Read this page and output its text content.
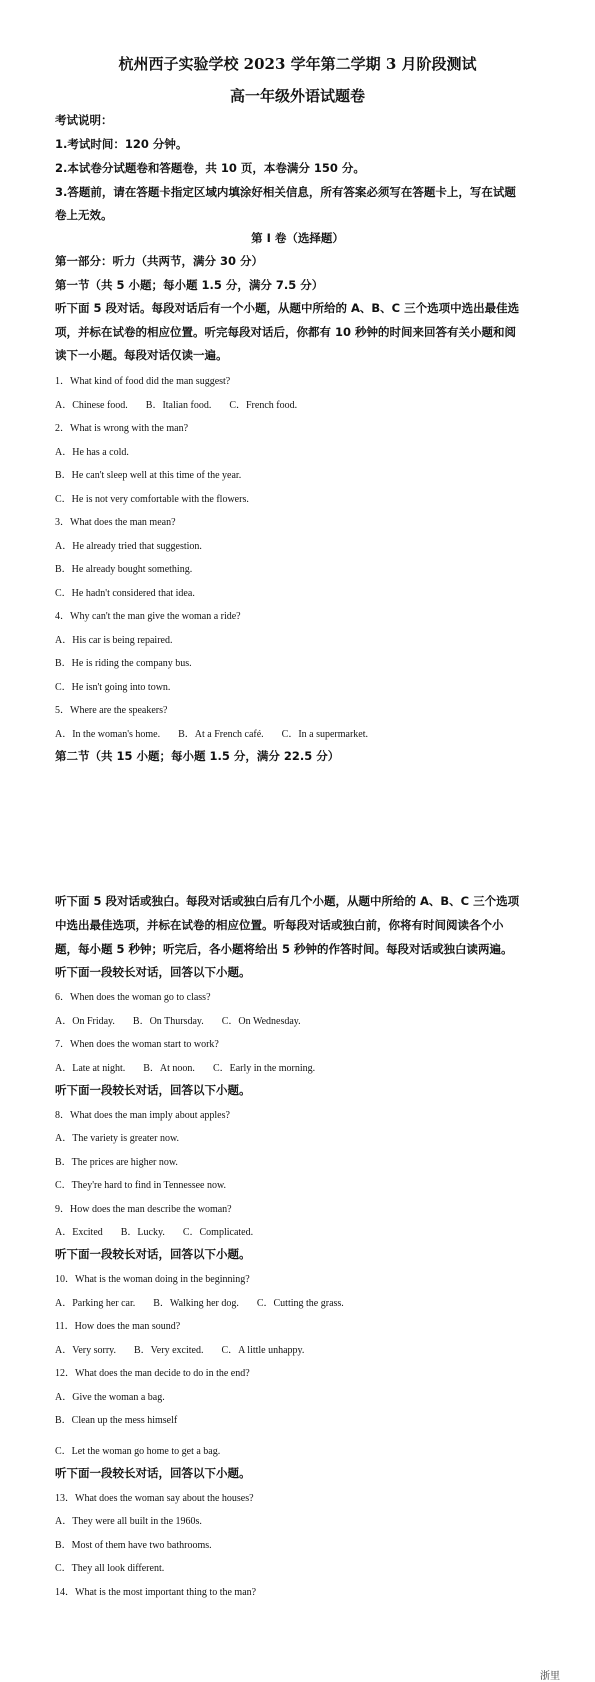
杭州西子实验学校 2023 学年第二学期 3 月阶段测试
高一年级外语试题卷
考试说明：
1.考试时间：120 分钟。
2.本试卷分试题卷和答题卷，共 10 页，本卷满分 150 分。
3.答题前，请在答题卡指定区域内填涂好相关信息，所有答案必须写在答题卡上，写在试题
卷上无效。
第 I 卷（选择题）
第一部分：听力（共两节，满分 30 分）
第一节（共 5 小题；每小题 1.5 分，满分 7.5 分）
听下面 5 段对话。每段对话后有一个小题，从题中所给的 A、B、C 三个选项中选出最佳选
项，并标在试卷的相应位置。听完每段对话后，你都有 10 秒钟的时间来回答有关小题和阅
读下一小题。每段对话仅读一遍。
1．What kind of food did the man suggest?
A．Chinese food. B．Italian food. C．French food.
2．What is wrong with the man?
A．He has a cold.
B．He can't sleep well at this time of the year.
C．He is not very comfortable with the flowers.
3．What does the man mean?
A．He already tried that suggestion.
B．He already bought something.
C．He hadn't considered that idea.
4．Why can't the man give the woman a ride?
A．His car is being repaired.
B．He is riding the company bus.
C．He isn't going into town.
5．Where are the speakers?
A．In the woman's home. B．At a French café. C．In a supermarket.
第二节（共 15 小题；每小题 1.5 分，满分 22.5 分）
听下面 5 段对话或独白。每段对话或独白后有几个小题，从题中所给的 A、B、C 三个选项
中选出最佳选项，并标在试卷的相应位置。听每段对话或独白前，你将有时间阅读各个小
题，每小题 5 秒钟；听完后，各小题将给出 5 秒钟的作答时间。每段对话或独白读两遍。
听下面一段较长对话，回答以下小题。
6．When does the woman go to class?
A．On Friday. B．On Thursday. C．On Wednesday.
7．When does the woman start to work?
A．Late at night. B．At noon. C．Early in the morning.
听下面一段较长对话，回答以下小题。
8．What does the man imply about apples?
A．The variety is greater now.
B．The prices are higher now.
C．They're hard to find in Tennessee now.
9．How does the man describe the woman?
A．Excited B．Lucky. C．Complicated.
听下面一段较长对话，回答以下小题。
10．What is the woman doing in the beginning?
A．Parking her car. B．Walking her dog. C．Cutting the grass.
11．How does the man sound?
A．Very sorry. B．Very excited. C．A little unhappy.
12．What does the man decide to do in the end?
A．Give the woman a bag.
B．Clean up the mess himself
C．Let the woman go home to get a bag.
听下面一段较长对话，回答以下小题。
13．What does the woman say about the houses?
A．They were all built in the 1960s.
B．Most of them have two bathrooms.
C．They all look different.
14．What is the most important thing to the man?
浙里
